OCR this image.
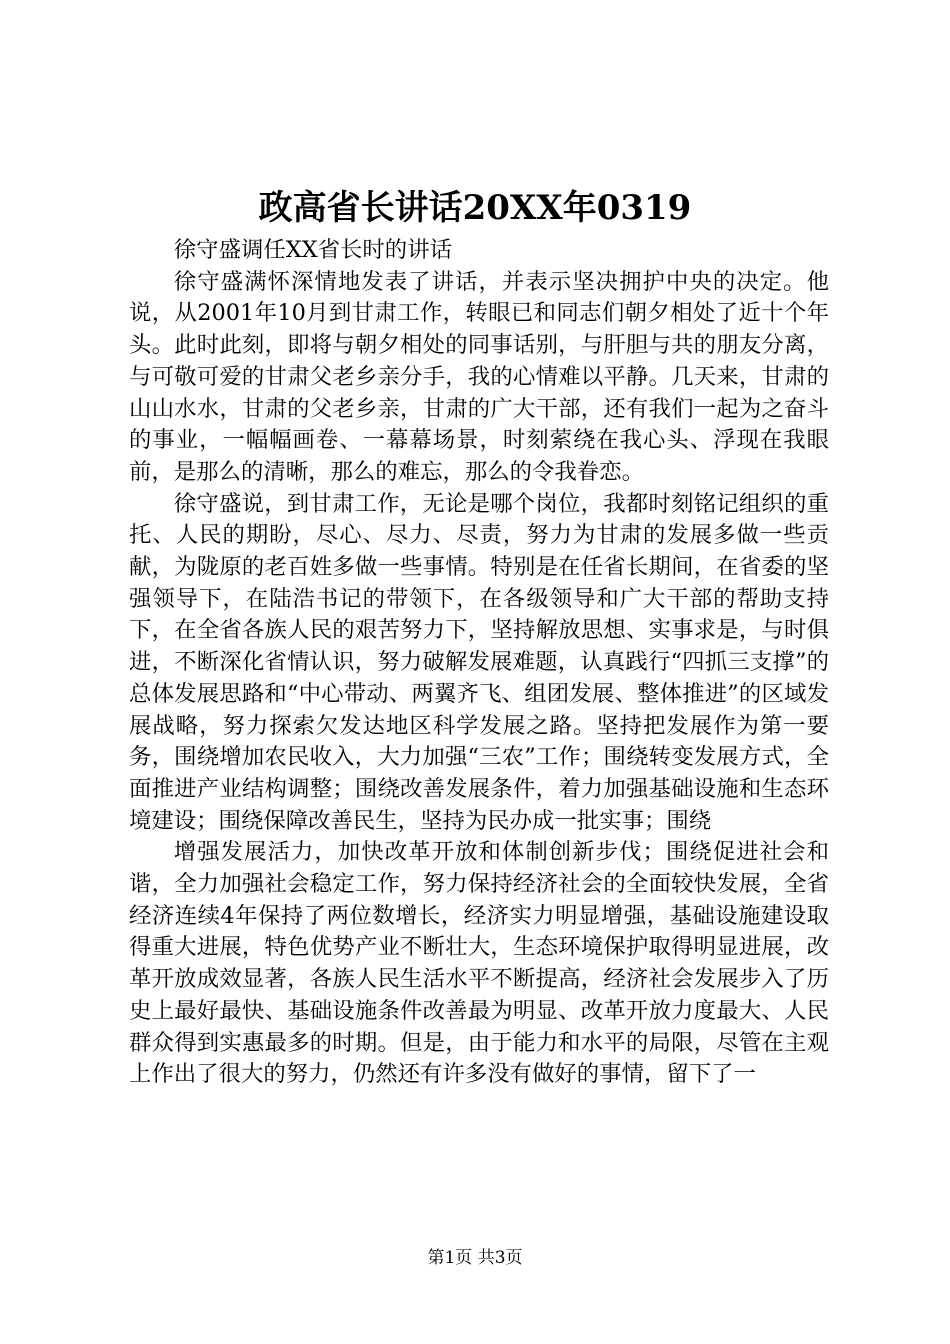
政高省长讲话20XX年0319

徐守盛调任XX省长时的讲话

徐守盛满怀深情地发表了讲话，并表示坚决拥护中央的决定。他说，从2001年10月到甘肃工作，转眼已和同志们朝夕相处了近十个年头。此时此刻，即将与朝夕相处的同事话别，与肝胆与共的朋友分离，与可敬可爱的甘肃父老乡亲分手，我的心情难以平静。几天来，甘肃的山山水水，甘肃的父老乡亲，甘肃的广大干部，还有我们一起为之奋斗的事业，一幅幅画卷、一幕幕场景，时刻萦绕在我心头、浮现在我眼前，是那么的清晰，那么的难忘，那么的令我眷恋。

徐守盛说，到甘肃工作，无论是哪个岗位，我都时刻铭记组织的重托、人民的期盼，尽心、尽力、尽责，努力为甘肃的发展多做一些贡献，为陇原的老百姓多做一些事情。特别是在任省长期间，在省委的坚强领导下，在陆浩书记的带领下，在各级领导和广大干部的帮助支持下，在全省各族人民的艰苦努力下，坚持解放思想、实事求是，与时俱进，不断深化省情认识，努力破解发展难题，认真践行“四抓三支撑”的总体发展思路和“中心带动、两翼齐飞、组团发展、整体推进”的区域发展战略，努力探索欠发达地区科学发展之路。坚持把发展作为第一要务，围绕增加农民收入，大力加强“三农”工作；围绕转变发展方式，全面推进产业结构调整；围绕改善发展条件，着力加强基础设施和生态环境建设；围绕保障改善民生，坚持为民办成一批实事；围绕

增强发展活力，加快改革开放和体制创新步伐；围绕促进社会和谐，全力加强社会稳定工作，努力保持经济社会的全面较快发展，全省经济连续4年保持了两位数增长，经济实力明显增强，基础设施建设取得重大进展，特色优势产业不断壮大，生态环境保护取得明显进展，改革开放成效显著，各族人民生活水平不断提高，经济社会发展步入了历史上最好最快、基础设施条件改善最为明显、改革开放力度最大、人民群众得到实惠最多的时期。但是，由于能力和水平的局限，尽管在主观上作出了很大的努力，仍然还有许多没有做好的事情，留下了一

第1页 共3页
